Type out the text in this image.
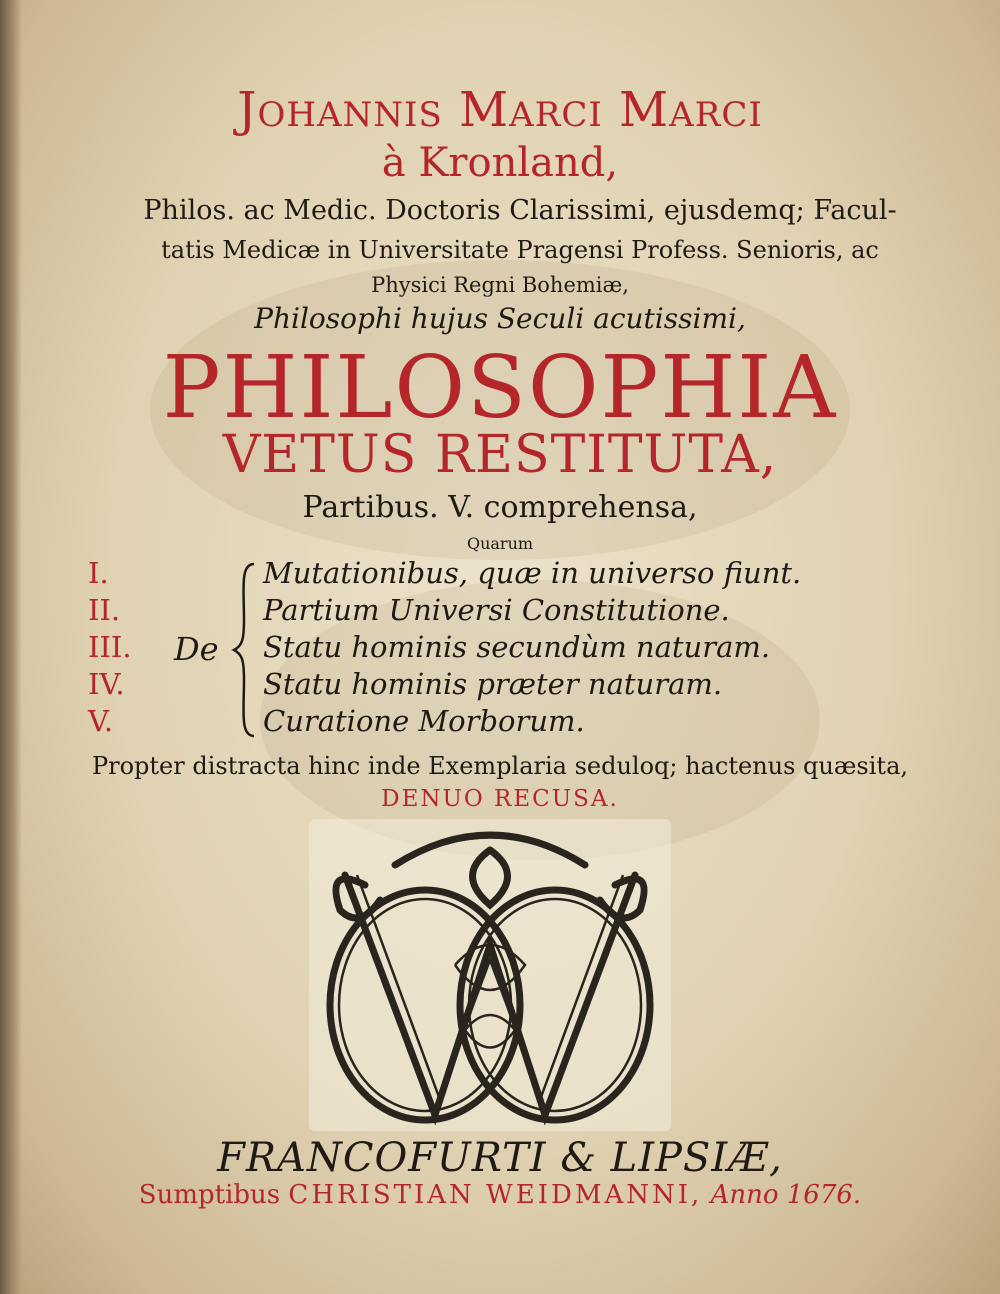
Johannis Marci Marci
à Kronland,
Philos. ac Medic. Doctoris Clarissimi, ejusdemq; Facul-
tatis Medicæ in Universitate Pragensi Profess. Senioris, ac
Physici Regni Bohemiæ,
Philosophi hujus Seculi acutissimi,
PHILOSOPHIA
VETUS RESTITUTA,
Partibus. V. comprehensa,
Quarum
I.	Mutationibus, quæ in universo fiunt.
II.	Partium Universi Constitutione.
III.	Statu hominis secundùm naturam.
IV.	Statu hominis præter naturam.
V.	Curatione Morborum.
De
Propter distracta hinc inde Exemplaria seduloq; hactenus quæsita,
DENUO RECUSA.
FRANCOFURTI & LIPSIÆ,
Sumptibus CHRISTIAN WEIDMANNI, Anno 1676.
